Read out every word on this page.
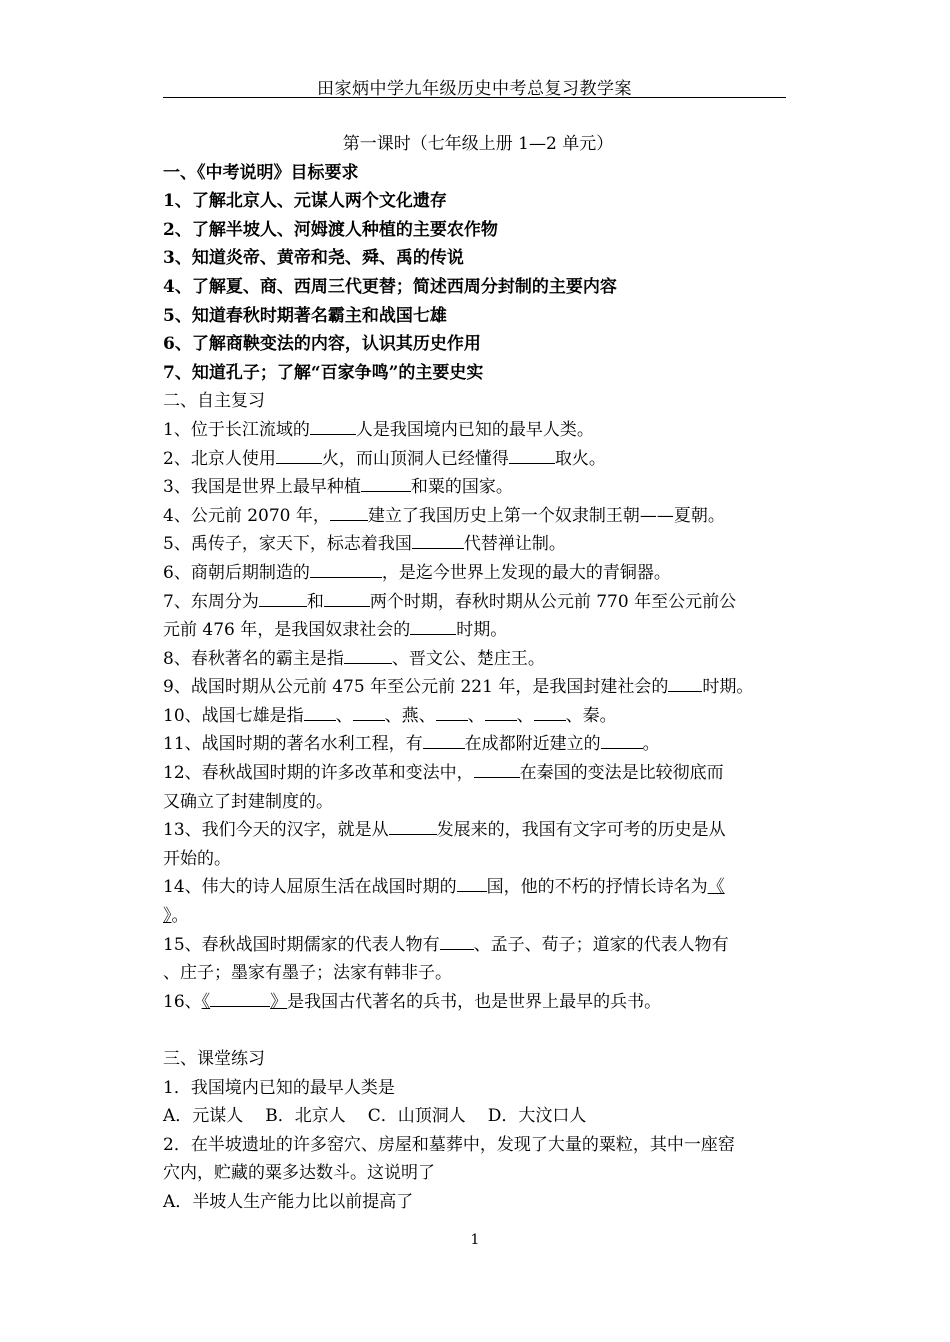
田家炳中学九年级历史中考总复习教学案
第一课时（七年级上册 1—2 单元）
一、《中考说明》目标要求
1、了解北京人、元谋人两个文化遗存
2、了解半坡人、河姆渡人种植的主要农作物
3、知道炎帝、黄帝和尧、舜、禹的传说
4、了解夏、商、西周三代更替；简述西周分封制的主要内容
5、知道春秋时期著名霸主和战国七雄
6、了解商鞅变法的内容，认识其历史作用
7、知道孔子；了解“百家争鸣”的主要史实
二、自主复习
1、位于长江流域的	人是我国境内已知的最早人类。
2、北京人使用	火，而山顶洞人已经懂得	取火。
3、我国是世界上最早种植	和粟的国家。
4、公元前 2070 年， 建立了我国历史上第一个奴隶制王朝——夏朝。
5、禹传子，家天下，标志着我国	代替禅让制。
6、商朝后期制造的	，是迄今世界上发现的最大的青铜器。
7、东周分为	和	两个时期，春秋时期从公元前 770 年至公元前公
元前 476 年，是我国奴隶社会的	时期。
8、春秋著名的霸主是指	、晋文公、楚庄王。
9、战国时期从公元前 475 年至公元前 221 年，是我国封建社会的 时期。
10、战国七雄是指 、 、燕、 、 、 、秦。
11、战国时期的著名水利工程，有 在成都附近建立的 。
12、春秋战国时期的许多改革和变法中，	在秦国的变法是比较彻底而
又确立了封建制度的。
13、我们今天的汉字，就是从	发展来的，我国有文字可考的历史是从
开始的。
14、伟大的诗人屈原生活在战国时期的 国，他的不朽的抒情长诗名为《
》。
15、春秋战国时期儒家的代表人物有 、孟子、荀子；道家的代表人物有
、庄子；墨家有墨子；法家有韩非子。
16、《	》是我国古代著名的兵书，也是世界上最早的兵书。
三、课堂练习
1．我国境内已知的最早人类是
A．元谋人 B．北京人 C．山顶洞人 D．大汶口人
2．在半坡遗址的许多窑穴、房屋和墓葬中，发现了大量的粟粒，其中一座窑
穴内，贮藏的粟多达数斗。这说明了
A．半坡人生产能力比以前提高了
1
